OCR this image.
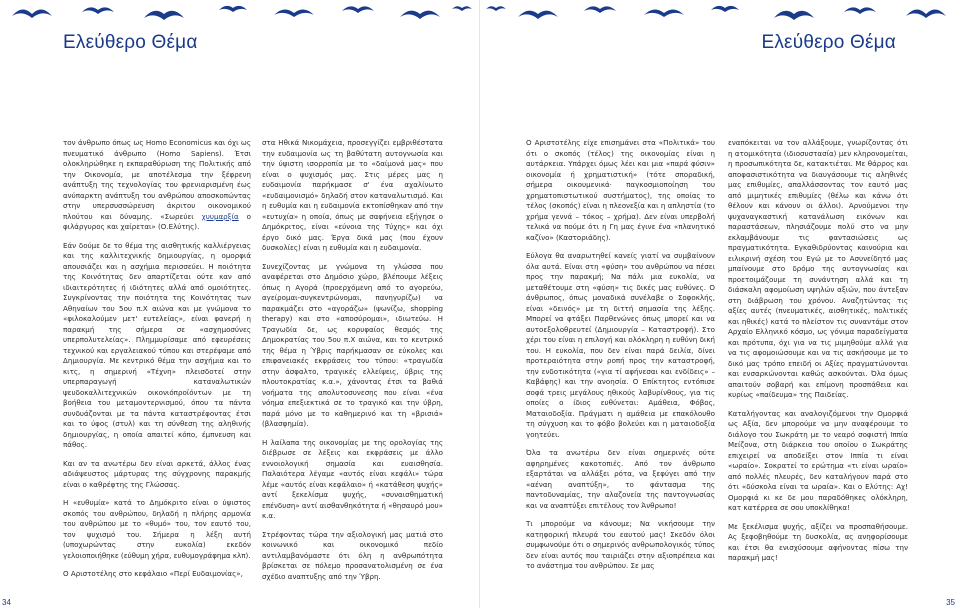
Ελεύθερο Θέμα	Ελεύθερο Θέμα

τον άνθρωπο όπως ως Homo Economicus και όχι ως πνευματικό άνθρωπο (Homo Sapiens). Έτσι ολοκληρώθηκε η εκπαραθύρωση της Πολιτικής από την Οικονομία, με αποτέλεσμα την ξέφρενη ανάπτυξη της τεχνολογίας του φρενιαρισμένη έως ανύπαρκτη ανάπτυξη του ανθρώπου αποσκοπώντας στην υπερσυσσώρευση άκριτου οικονομικού πλούτου και δύναμης. «Σωρεύει χυυμαρξία ο φιλάργυρος και χαίρεται» (Ο.Ελύτης).

Εάν δούμε δε το θέμα της αισθητικής καλλιέργειας και της καλλιτεχνικής δημιουργίας, η ομορφιά απουσιάζει και η ασχήμια περισσεύει. Η ποιότητα της Κοινότητας δεν απαρτίζεται ούτε καν από ιδιαιτερότητες ή ιδιότητες αλλά από ομοιότητες. Συγκρίνοντας την ποιότητα της Κοινότητας των Αθηναίων του 5ου π.Χ αιώνα και με γνώμονα το «φιλοκαλούμεν μετ' ευτελείας», είναι φανερή η παρακμή της σήμερα σε «ασχημοσύνες υπερπολυτελείας». Πλημμυρίσαμε από εφευρέσεις τεχνικού και εργαλειακού τύπου και στερέψαμε από Δημιουργία. Με κεντρικό θέμα την ασχήμια και το κιτς, η σημερινή «Τέχνη» πλεισδοτεί στην υπερπαραγωγή καταναλωτικών ψευδοκαλλιτεχνικών οικονιόπροϊόντων με τη βοήθεια του μεταμοντερνισμού, όπου τα πάντα συνδυάζονται με τα πάντα καταστρέφοντας έτσι και το ύφος (στυλ) και τη σύνθεση της αληθινής δημιουργίας, η οποία απαιτεί κόπο, έμπνευση και πάθος.

Και αν τα ανωτέρω δεν είναι αρκετά, άλλος ένας αδιάψευστος μάρτυρας της σύγχρονης παρακμής είναι ο καθρέφτης της Γλώσσας.

Η «ευθυμία» κατά το Δημόκριτο είναι ο ύψιστος σκοπός του ανθρώπου, δηλαδή η πλήρης αρμονία του ανθρώπου με το «θυμό» του, τον εαυτό του, τον ψυχισμό του. Σήμερα η λέξη αυτή (υποχωρώντας στην ευκολία) εκεδόν γελοιοποιήθηκε (εύθυμη χήρα, ευθυμογράφημα κλπ).

Ο Αριστοτέλης στο κεφάλαιο «Περί Ευδαιμονίας»,

στα Ηθικά Νικομάχεια, προσεγγίζει εμβριθέστατα την ευδαιμονία ως τη βαθύτατη αυτογνωσία και την ύψιστη ισορροπία με το «δαίμονά μας» που είναι ο ψυχισμός μας. Στις μέρες μας η ευδαιμονία παρήκμασε σ' ένα αχαλίνωτο «ευδαιμονισμό» δηλαδή στον καταναλωτισμό. Και η ευθυμία και η ευδαιμονία εκτοπίσθηκαν από την «ευτυχία» η οποία, όπως με σαφήνεια εξήγησε ο Δημόκριτος, είναι «εύνοια της Τύχης» και όχι έργο δικό μας. Έργα δικά μας (που έχουν δυσκολίες) είναι η ευθυμία και η ευδαιμονία.

Συνεχίζοντας με γνώμονα τη γλώσσα που αναφέρεται στο Δημόσιο χώρο, βλέπουμε λέξεις όπως η Αγορά (προερχόμενη από το αγορεύω, αγείρομαι-συγκεντρώνομαι, πανηγυρίζω) να παρακμάζει στο «αγοράζω» (ψωνίζω, shopping therapy) και στο «απoσύρομαι», ιδιωτεύω. Η Τραγωδία δε, ως κορυφαίος θεσμός της Δημοκρατίας του 5ου π.Χ αιώνα, και το κεντρικό της θέμα η Ύβρις παρήκμασαν σε εύκολες και επιφανειακές εκφράσεις του τύπου: «τραγωδία στην άσφαλτο, τραγικές ελλείψεις, ύβρις της πλουτοκρατίας κ.α.», χάνοντας έτσι τα βαθιά νοήματα της απολυτοσυνεσης που είναι «ένα νόημα επεξιεκτικά σε το τραγικό και την ύβρη, παρά μόνο με το καθημερινό και τη «βρισιά» (βλασφημία).

Η λαίλαπα της οικονομίας με της ορολογίας της διέβρωσε σε λέξεις και εκφράσεις με άλλο εννοιολογική σημασία και ευαισθησία. Παλαιότερα λέγαμε «αυτός είναι κεφάλι» τώρα λέμε «αυτός είναι κεφάλαιο» ή «κατάθεση ψυχής» αντί ξεκελίσμα ψυχής, «συναισθηματική επένδυση» αντί αισθανθηκότητα ή «θησαυρό μου» κ.α.

Στρέφοντας τώρα την αξιολογική μας ματιά στο κοινωνικό και οικονομικό πεδίο αντιλαμβανόμαστε ότι όλη η ανθρωπότητα βρίσκεται σε πόλεμο προσανατολισμένη σε ένα σχέδιο αναπτυξης από την Ύβρη.

Ο Αριστοτέλης είχε επισημάνει στα «Πολιτικά» του ότι ο σκοπός (τέλος) της οικονομίας είναι η αυτάρκεια. Υπάρχει όμως λέει και μια «παρά φύσιν» οικονομία ή χρηματιστική» (τότε σποραδική, σήμερα οικουμενικά· παγκοσμιοποίηση του χρηματοπιστωτικού συστήματος), της οποίας το τέλος (σκοπός) είναι η πλεονεξία και η απληστία (το χρήμα γεννά – τόκος – χρήμα). Δεν είναι υπερβολή τελικά να πούμε ότι η Γη μας έγινε ένα «πλανητικό καζίνο» (Καστοριάδης).

Εύλογα θα αναρωτηθεί κανείς γιατί να συμβαίνουν όλα αυτά. Είναι στη «φύση» του ανθρώπου να πέσει προς την παρακμή; Να πάλι μια ευκολία, να μεταθέτουμε στη «φύση» τις δικές μας ευθύνες. Ο άνθρωπος, όπως μοναδικά συνέλαβε ο Σοφοκλής, είναι «δεινός» με τη διττή σημασία της λέξης. Μπορεί να φτάξει Παρθενώνες όπως μπορεί και να αυτοεξολοθρευτεί (Δημιουργία – Καταστροφή). Στο χέρι του είναι η επιλογή και ολόκληρη η ευθύνη δική του. Η ευκολία, που δεν είναι παρά δειλία, δίνει προτεραιότητα στην ροπή προς την καταστροφή, την ενδοτικότητα («για τί αφήνεσαι και ενδίδεις» – Καβάφης) και την ανοησία. Ο Επίκτητος εντόπισε σοφά τρεις μεγάλους ηθικούς λαβυρίνθους, για τις οποίες ο ίδιος ευθύνεται: Αμάθεια, Φόβος, Ματαιοδοξία. Πράγματι η αμάθεια με επακόλουθο τη σύγχυση και το φόβο βολεύει και η ματαιοδοξία γοητεύει.

Όλα τα ανωτέρω δεν είναι σημερινές ούτε αφηρημένες κακοτοπιές. Από τον άνθρωπο εξαρτάται να αλλάξει ρότα, να ξεφύγει από την «αέναη αναπτύξη», το φάντασμα της παντοδυναμίας, την αλαζονεία της παντογνωσίας και να αναπτύξει επιτέλους τον Άνθρωπο!

Τι μπορούμε να κάνουμε; Να νικήσουμε την κατηφορική πλευρά του εαυτού μας! Σκεδόν όλοι συμφωνούμε ότι ο σημερινός ανθρωπολογικός τύπος δεν είναι αυτός που ταιριάζει στην αξιοπρέπεια και το ανάστημα του ανθρώπου. Σε μας

εναπόκειται να τον αλλάξουμε, γνωρίζοντας ότι η ατομικότητα (ιδιοσυστασία) μεν κληρονομείται, η προσωπικότητα δε, κατακτιέται. Με θάρρος και αποφασιστικότητα να διαυγάσουμε τις αληθινές μας επιθυμίες, απαλλάσσοντας τον εαυτό μας από μιμητικές επιθυμίες (θέλω και κάνω ότι θέλουν και κάνουν οι άλλοι). Αρνούμενοι την ψυχαναγκαστική κατανάλωση εικόνων και παραστάσεων, πλησιάζουμε πολύ στο να μην εκλαμβάνουμε τις φαντασιώσεις ως πραγματικότητα. Εγκαθιδρύοντας καινούρια και ειλικρινή σχέση του Εγώ με το Ασυνείδητό μας μπαίνουμε στο δρόμο της αυτογνωσίας και προετοιμάζουμε τη συνάντηση αλλά και τη διάσκαλη αφομοίωση υψηλών αξιών, που άντεξαν στη διάβρωση του χρόνου. Αναζητώντας τις αξίες αυτές (πνευματικές, αισθητικές, πολιτικές και ηθικές) κατά το πλείστον τις συναντάμε στον Αρχαίο Ελληνικό κόσμο, ως γόνιμα παραδείγματα και πρότυπα, όχι για να τις μιμηθούμε αλλά για να τις αφομοιώσουμε και να τις ασκήσουμε με το δικό μας τρόπο επειδή οι Αξίες πραγματώνονται και ενσαρκώνονται καθώς ασκούνται. Όλα όμως απαιτούν σοβαρή και επίμονη προσπάθεια και κυρίως «παίδευμα» της Παιδείας.

Καταλήγοντας και αναλογιζόμενοι την Ομορφιά ως Αξία, δεν μπορούμε να μην αναφέρουμε το διάλογο του Σωκράτη με το νεαρό σοφιστή Ιππία Μείζονα, στη διάρκεια του οποίου ο Σωκράτης επιχειρεί να αποδείξει στον Ιππία τι είναι «ωραίο». Σοκρατεί το ερώτημα «τι είναι ωραίο» από πολλές πλευρές, δεν καταλήγουν παρά στο ότι «δύσκολα είναι τα ωραία». Και ο Ελύτης: Αχ! Ομορφιά κι κε δε μου παραδόθηκες ολόκληρη, κατ κατέρρεα σε σου υποκλίθηκα!

Με ξεκέλισμα ψυχής, αξίζει να προσπαθήσουμε. Ας ξεφοβηθούμε τη δυσκολία, ας ανηφορίσουμε και έτσι θα ενισχύσουμε αφήνοντας πίσω την παρακμή μας!

34	35
